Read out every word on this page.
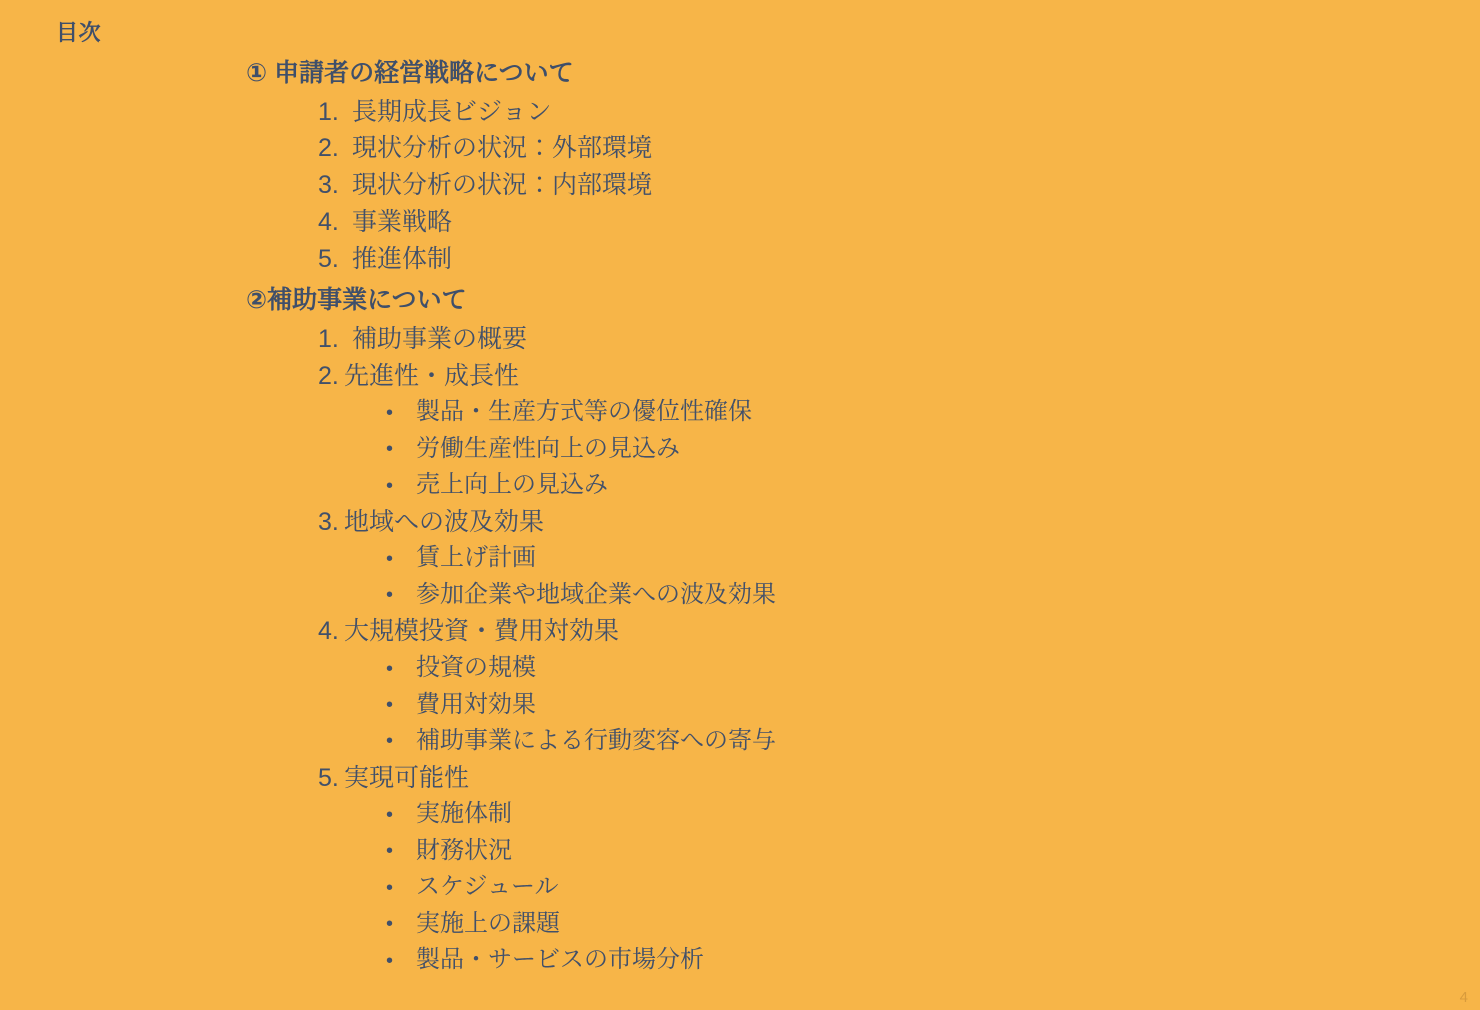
目次
① 申請者の経営戦略について
1. 長期成長ビジョン
2. 現状分析の状況：外部環境
3. 現状分析の状況：内部環境
4. 事業戦略
5. 推進体制
②補助事業について
1. 補助事業の概要
2. 先進性・成長性
• 製品・生産方式等の優位性確保
• 労働生産性向上の見込み
• 売上向上の見込み
3. 地域への波及効果
• 賃上げ計画
• 参加企業や地域企業への波及効果
4. 大規模投資・費用対効果
• 投資の規模
• 費用対効果
• 補助事業による行動変容への寄与
5. 実現可能性
• 実施体制
• 財務状況
• スケジュール
• 実施上の課題
• 製品・サービスの市場分析
4
